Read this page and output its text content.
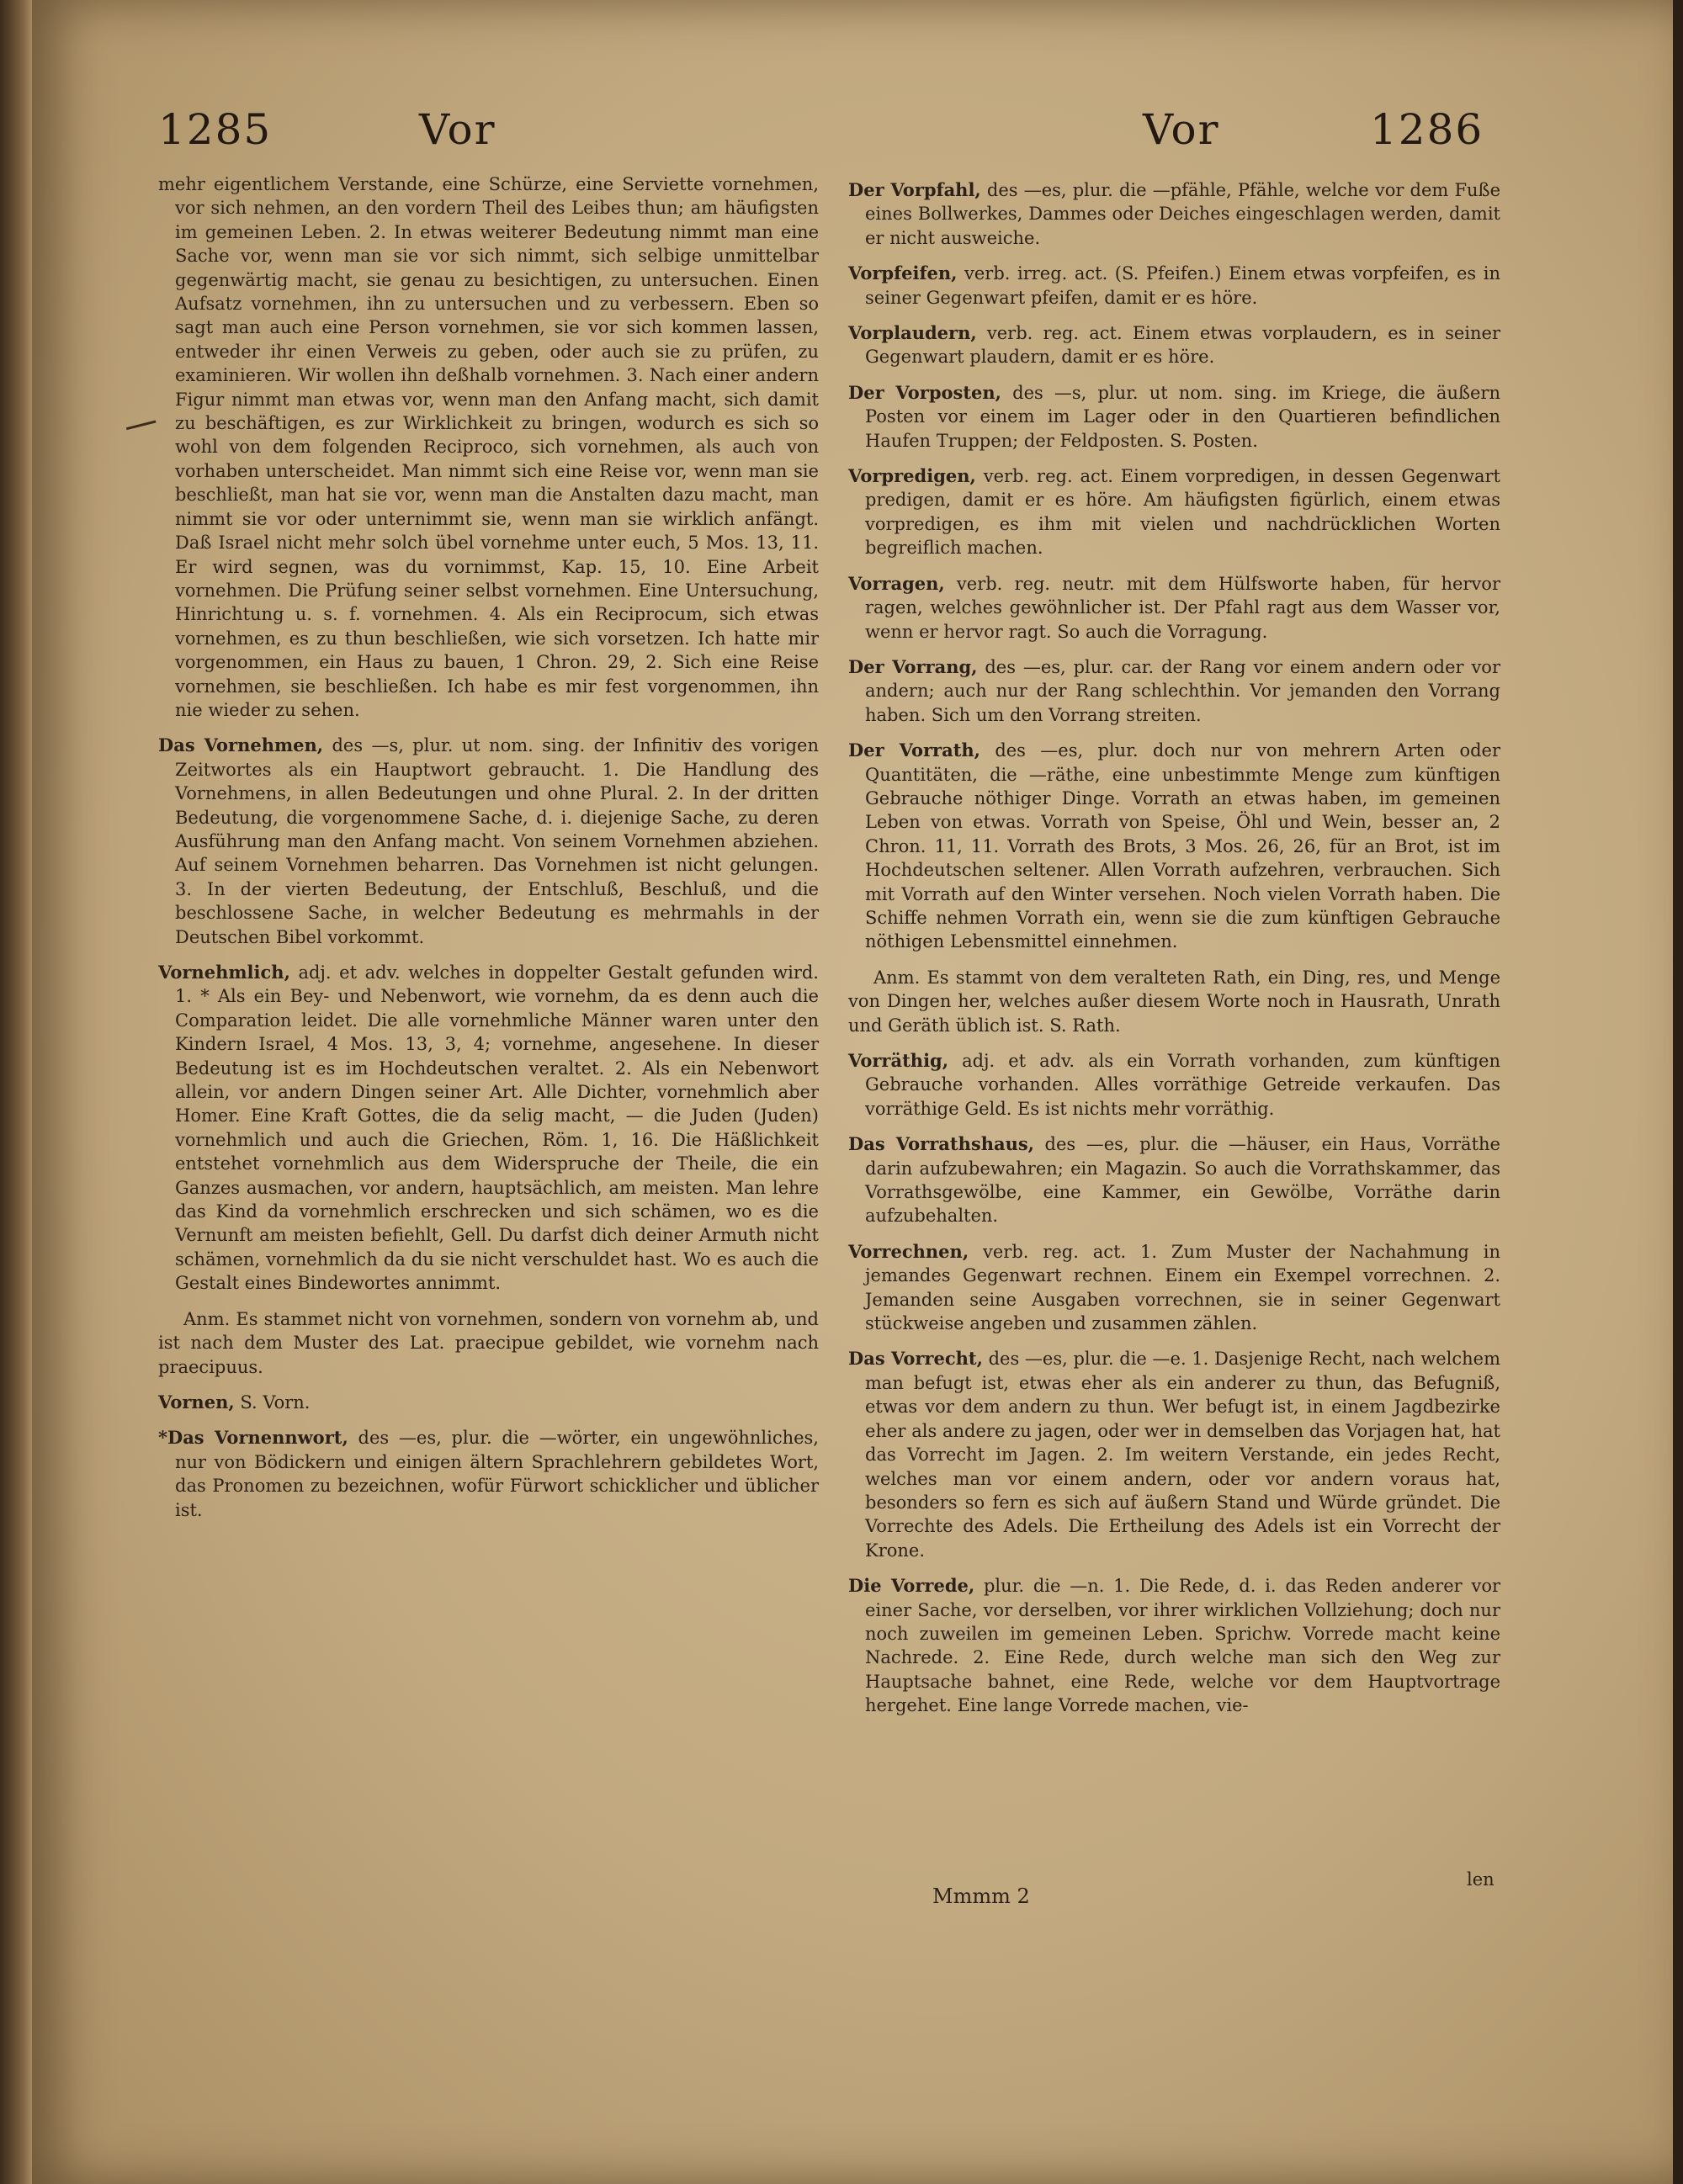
1285	Vor	Vor	1286

mehr eigentlichem Verstande, eine Schürze, eine Serviette vornehmen, vor sich nehmen, an den vordern Theil des Leibes thun; am häufigsten im gemeinen Leben. 2. In etwas weiterer Bedeutung nimmt man eine Sache vor, wenn man sie vor sich nimmt, sich selbige unmittelbar gegenwärtig macht, sie genau zu besichtigen, zu untersuchen. Einen Aufsatz vornehmen, ihn zu untersuchen und zu verbessern. Eben so sagt man auch eine Person vornehmen, sie vor sich kommen lassen, entweder ihr einen Verweis zu geben, oder auch sie zu prüfen, zu examinieren. Wir wollen ihn deßhalb vornehmen. 3. Nach einer andern Figur nimmt man etwas vor, wenn man den Anfang macht, sich damit zu beschäftigen, es zur Wirklichkeit zu bringen, wodurch es sich so wohl von dem folgenden Reciproco, sich vornehmen, als auch von vorhaben unterscheidet. Man nimmt sich eine Reise vor, wenn man sie beschließt, man hat sie vor, wenn man die Anstalten dazu macht, man nimmt sie vor oder unternimmt sie, wenn man sie wirklich anfängt. Daß Israel nicht mehr solch übel vornehme unter euch, 5 Mos. 13, 11. Er wird segnen, was du vornimmst, Kap. 15, 10. Eine Arbeit vornehmen. Die Prüfung seiner selbst vornehmen. Eine Untersuchung, Hinrichtung u. s. f. vornehmen. 4. Als ein Reciprocum, sich etwas vornehmen, es zu thun beschließen, wie sich vorsetzen. Ich hatte mir vorgenommen, ein Haus zu bauen, 1 Chron. 29, 2. Sich eine Reise vornehmen, sie beschließen. Ich habe es mir fest vorgenommen, ihn nie wieder zu sehen.

Das Vornehmen, des —s, plur. ut nom. sing. der Infinitiv des vorigen Zeitwortes als ein Hauptwort gebraucht. 1. Die Handlung des Vornehmens, in allen Bedeutungen und ohne Plural. 2. In der dritten Bedeutung, die vorgenommene Sache, d. i. diejenige Sache, zu deren Ausführung man den Anfang macht. Von seinem Vornehmen abziehen. Auf seinem Vornehmen beharren. Das Vornehmen ist nicht gelungen. 3. In der vierten Bedeutung, der Entschluß, Beschluß, und die beschlossene Sache, in welcher Bedeutung es mehrmahls in der Deutschen Bibel vorkommt.

Vornehmlich, adj. et adv. welches in doppelter Gestalt gefunden wird. 1. * Als ein Bey- und Nebenwort, wie vornehm, da es denn auch die Comparation leidet. Die alle vornehmliche Männer waren unter den Kindern Israel, 4 Mos. 13, 3, 4; vornehme, angesehene. In dieser Bedeutung ist es im Hochdeutschen veraltet. 2. Als ein Nebenwort allein, vor andern Dingen seiner Art. Alle Dichter, vornehmlich aber Homer. Eine Kraft Gottes, die da selig macht, — die Juden (Juden) vornehmlich und auch die Griechen, Röm. 1, 16. Die Häßlichkeit entstehet vornehmlich aus dem Widerspruche der Theile, die ein Ganzes ausmachen, vor andern, hauptsächlich, am meisten. Man lehre das Kind da vornehmlich erschrecken und sich schämen, wo es die Vernunft am meisten befiehlt, Gell. Du darfst dich deiner Armuth nicht schämen, vornehmlich da du sie nicht verschuldet hast. Wo es auch die Gestalt eines Bindewortes annimmt.

Anm. Es stammet nicht von vornehmen, sondern von vornehm ab, und ist nach dem Muster des Lat. praecipue gebildet, wie vornehm nach praecipuus.

Vornen, S. Vorn.

*Das Vornennwort, des —es, plur. die —wörter, ein ungewöhnliches, nur von Bödickern und einigen ältern Sprachlehrern gebildetes Wort, das Pronomen zu bezeichnen, wofür Fürwort schicklicher und üblicher ist.

Der Vorpfahl, des —es, plur. die —pfähle, Pfähle, welche vor dem Fuße eines Bollwerkes, Dammes oder Deiches eingeschlagen werden, damit er nicht ausweiche.

Vorpfeifen, verb. irreg. act. (S. Pfeifen.) Einem etwas vorpfeifen, es in seiner Gegenwart pfeifen, damit er es höre.

Vorplaudern, verb. reg. act. Einem etwas vorplaudern, es in seiner Gegenwart plaudern, damit er es höre.

Der Vorposten, des —s, plur. ut nom. sing. im Kriege, die äußern Posten vor einem im Lager oder in den Quartieren befindlichen Haufen Truppen; der Feldposten. S. Posten.

Vorpredigen, verb. reg. act. Einem vorpredigen, in dessen Gegenwart predigen, damit er es höre. Am häufigsten figürlich, einem etwas vorpredigen, es ihm mit vielen und nachdrücklichen Worten begreiflich machen.

Vorragen, verb. reg. neutr. mit dem Hülfsworte haben, für hervor ragen, welches gewöhnlicher ist. Der Pfahl ragt aus dem Wasser vor, wenn er hervor ragt. So auch die Vorragung.

Der Vorrang, des —es, plur. car. der Rang vor einem andern oder vor andern; auch nur der Rang schlechthin. Vor jemanden den Vorrang haben. Sich um den Vorrang streiten.

Der Vorrath, des —es, plur. doch nur von mehrern Arten oder Quantitäten, die —räthe, eine unbestimmte Menge zum künftigen Gebrauche nöthiger Dinge. Vorrath an etwas haben, im gemeinen Leben von etwas. Vorrath von Speise, Öhl und Wein, besser an, 2 Chron. 11, 11. Vorrath des Brots, 3 Mos. 26, 26, für an Brot, ist im Hochdeutschen seltener. Allen Vorrath aufzehren, verbrauchen. Sich mit Vorrath auf den Winter versehen. Noch vielen Vorrath haben. Die Schiffe nehmen Vorrath ein, wenn sie die zum künftigen Gebrauche nöthigen Lebensmittel einnehmen.

Anm. Es stammt von dem veralteten Rath, ein Ding, res, und Menge von Dingen her, welches außer diesem Worte noch in Hausrath, Unrath und Geräth üblich ist. S. Rath.

Vorräthig, adj. et adv. als ein Vorrath vorhanden, zum künftigen Gebrauche vorhanden. Alles vorräthige Getreide verkaufen. Das vorräthige Geld. Es ist nichts mehr vorräthig.

Das Vorrathshaus, des —es, plur. die —häuser, ein Haus, Vorräthe darin aufzubewahren; ein Magazin. So auch die Vorrathskammer, das Vorrathsgewölbe, eine Kammer, ein Gewölbe, Vorräthe darin aufzubehalten.

Vorrechnen, verb. reg. act. 1. Zum Muster der Nachahmung in jemandes Gegenwart rechnen. Einem ein Exempel vorrechnen. 2. Jemanden seine Ausgaben vorrechnen, sie in seiner Gegenwart stückweise angeben und zusammen zählen.

Das Vorrecht, des —es, plur. die —e. 1. Dasjenige Recht, nach welchem man befugt ist, etwas eher als ein anderer zu thun, das Befugniß, etwas vor dem andern zu thun. Wer befugt ist, in einem Jagdbezirke eher als andere zu jagen, oder wer in demselben das Vorjagen hat, hat das Vorrecht im Jagen. 2. Im weitern Verstande, ein jedes Recht, welches man vor einem andern, oder vor andern voraus hat, besonders so fern es sich auf äußern Stand und Würde gründet. Die Vorrechte des Adels. Die Ertheilung des Adels ist ein Vorrecht der Krone.

Die Vorrede, plur. die —n. 1. Die Rede, d. i. das Reden anderer vor einer Sache, vor derselben, vor ihrer wirklichen Vollziehung; doch nur noch zuweilen im gemeinen Leben. Sprichw. Vorrede macht keine Nachrede. 2. Eine Rede, durch welche man sich den Weg zur Hauptsache bahnet, eine Rede, welche vor dem Hauptvortrage hergehet. Eine lange Vorrede machen, vie-

Mmmm 2
len
